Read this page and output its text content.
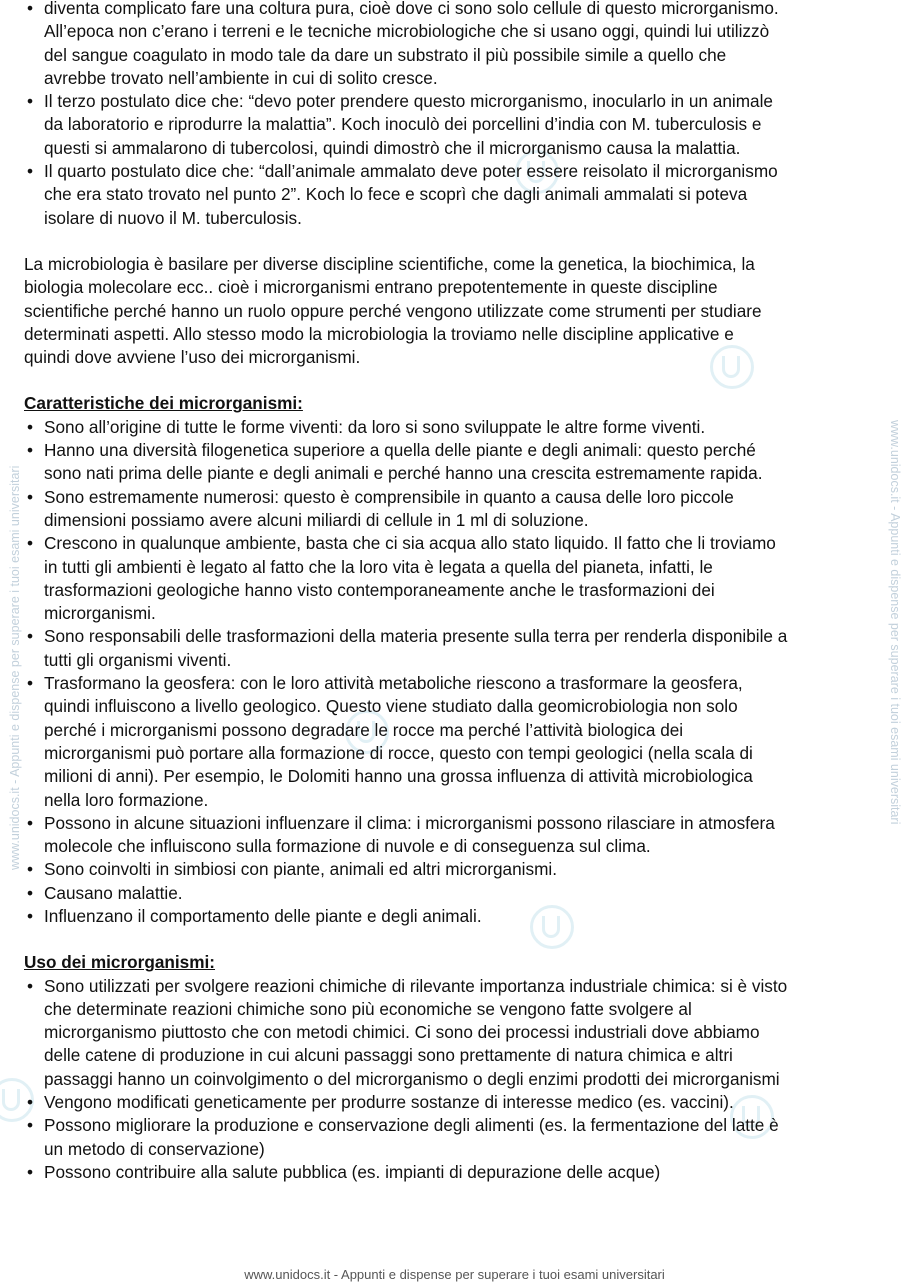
www.unidocs.it - Appunti e dispense per superare i tuoi esami universitari	www.unidocs.it - Appunti e dispense per superare i tuoi esami universitari
• diventa complicato fare una coltura pura, cioè dove ci sono solo cellule di questo microrganismo.
All’epoca non c’erano i terreni e le tecniche microbiologiche che si usano oggi, quindi lui utilizzò
del sangue coagulato in modo tale da dare un substrato il più possibile simile a quello che
avrebbe trovato nell’ambiente in cui di solito cresce.
• Il terzo postulato dice che: “devo poter prendere questo microrganismo, inocularlo in un animale
da laboratorio e riprodurre la malattia”. Koch inoculò dei porcellini d’india con M. tuberculosis e
questi si ammalarono di tubercolosi, quindi dimostrò che il microrganismo causa la malattia.
• Il quarto postulato dice che: “dall’animale ammalato deve poter essere reisolato il microrganismo
che era stato trovato nel punto 2”. Koch lo fece e scoprì che dagli animali ammalati si poteva
isolare di nuovo il M. tuberculosis.

La microbiologia è basilare per diverse discipline scientifiche, come la genetica, la biochimica, la
biologia molecolare ecc.. cioè i microrganismi entrano prepotentemente in queste discipline
scientifiche perché hanno un ruolo oppure perché vengono utilizzate come strumenti per studiare
determinati aspetti. Allo stesso modo la microbiologia la troviamo nelle discipline applicative e
quindi dove avviene l’uso dei microrganismi.

Caratteristiche dei microrganismi:
• Sono all’origine di tutte le forme viventi: da loro si sono sviluppate le altre forme viventi.
• Hanno una diversità filogenetica superiore a quella delle piante e degli animali: questo perché
sono nati prima delle piante e degli animali e perché hanno una crescita estremamente rapida.
• Sono estremamente numerosi: questo è comprensibile in quanto a causa delle loro piccole
dimensioni possiamo avere alcuni miliardi di cellule in 1 ml di soluzione.
• Crescono in qualunque ambiente, basta che ci sia acqua allo stato liquido. Il fatto che li troviamo
in tutti gli ambienti è legato al fatto che la loro vita è legata a quella del pianeta, infatti, le
trasformazioni geologiche hanno visto contemporaneamente anche le trasformazioni dei
microrganismi.
• Sono responsabili delle trasformazioni della materia presente sulla terra per renderla disponibile a
tutti gli organismi viventi.
• Trasformano la geosfera: con le loro attività metaboliche riescono a trasformare la geosfera,
quindi influiscono a livello geologico. Questo viene studiato dalla geomicrobiologia non solo
perché i microrganismi possono degradare le rocce ma perché l’attività biologica dei
microrganismi può portare alla formazione di rocce, questo con tempi geologici (nella scala di
milioni di anni). Per esempio, le Dolomiti hanno una grossa influenza di attività microbiologica
nella loro formazione.
• Possono in alcune situazioni influenzare il clima: i microrganismi possono rilasciare in atmosfera
molecole che influiscono sulla formazione di nuvole e di conseguenza sul clima.
• Sono coinvolti in simbiosi con piante, animali ed altri microrganismi.
• Causano malattie.
• Influenzano il comportamento delle piante e degli animali.
Uso dei microrganismi:
• Sono utilizzati per svolgere reazioni chimiche di rilevante importanza industriale chimica: si è visto
che determinate reazioni chimiche sono più economiche se vengono fatte svolgere al
microrganismo piuttosto che con metodi chimici. Ci sono dei processi industriali dove abbiamo
delle catene di produzione in cui alcuni passaggi sono prettamente di natura chimica e altri
passaggi hanno un coinvolgimento o del microrganismo o degli enzimi prodotti dei microrganismi
• Vengono modificati geneticamente per produrre sostanze di interesse medico (es. vaccini).
• Possono migliorare la produzione e conservazione degli alimenti (es. la fermentazione del latte è
un metodo di conservazione)
• Possono contribuire alla salute pubblica (es. impianti di depurazione delle acque)
www.unidocs.it - Appunti e dispense per superare i tuoi esami universitari
